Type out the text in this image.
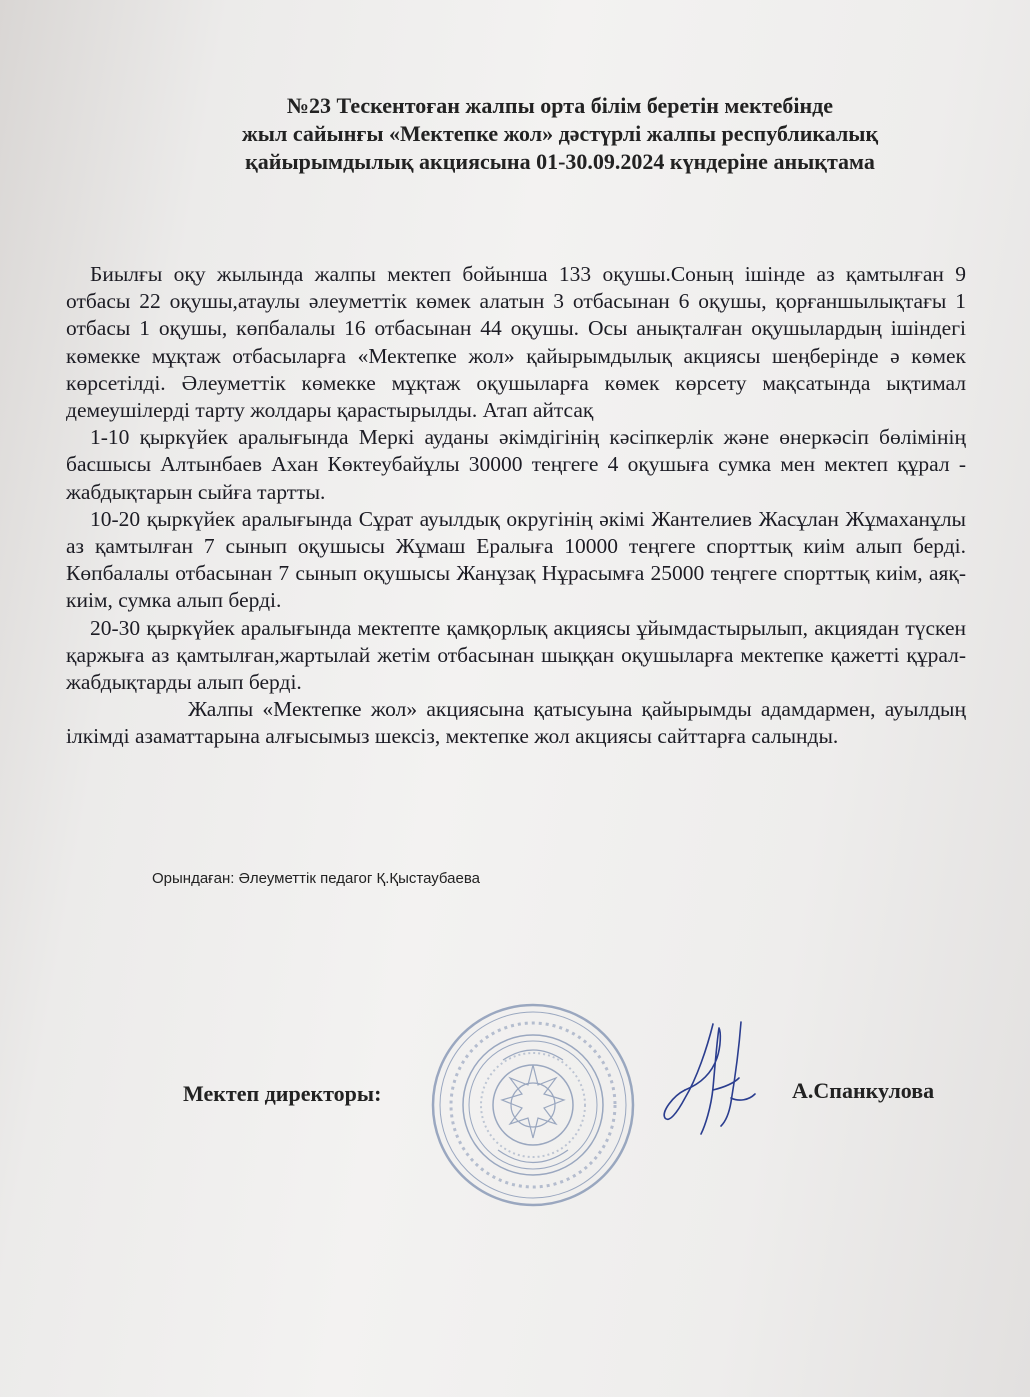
№23 Тескентоған жалпы орта білім беретін мектебінде
жыл сайынғы «Мектепке жол» дәстүрлі жалпы республикалық
қайырымдылық акциясына 01-30.09.2024 күндеріне анықтама

Биылғы оқу жылында жалпы мектеп бойынша 133 оқушы.Соның ішінде аз қамтылған 9 отбасы 22 оқушы,атаулы әлеуметтік көмек алатын 3 отбасынан 6 оқушы, қорғаншылықтағы 1 отбасы 1 оқушы, көпбалалы 16 отбасынан 44 оқушы. Осы анықталған оқушылардың ішіндегі көмекке мұқтаж отбасыларға «Мектепке жол» қайырымдылық акциясы шеңберінде ә көмек көрсетілді. Әлеуметтік көмекке мұқтаж оқушыларға көмек көрсету мақсатында ықтимал демеушілерді тарту жолдары қарастырылды. Атап айтсақ

1-10 қыркүйек аралығында Меркі ауданы әкімдігінің кәсіпкерлік және өнеркәсіп бөлімінің басшысы Алтынбаев Ахан Көктеубайұлы 30000 теңгеге 4 оқушыға сумка мен мектеп құрал - жабдықтарын сыйға тартты.

10-20 қыркүйек аралығында Сұрат ауылдық округінің әкімі Жантелиев Жасұлан Жұмаханұлы аз қамтылған 7 сынып оқушысы Жұмаш Ералыға 10000 теңгеге спорттық киім алып берді. Көпбалалы отбасынан 7 сынып оқушысы Жанұзақ Нұрасымға 25000 теңгеге спорттық киім, аяқ-киім, сумка алып берді.

20-30 қыркүйек аралығында мектепте қамқорлық акциясы ұйымдастырылып, акциядан түскен қаржыға аз қамтылған,жартылай жетім отбасынан шыққан оқушыларға мектепке қажетті құрал-жабдықтарды алып берді.

Жалпы «Мектепке жол» акциясына қатысуына қайырымды адамдармен, ауылдың ілкімді азаматтарына алғысымыз шексіз, мектепке жол акциясы сайттарға салынды.

Орындаған: Әлеуметтік педагог Қ.Қыстаубаева
Мектеп директоры:	А.Спанкулова
